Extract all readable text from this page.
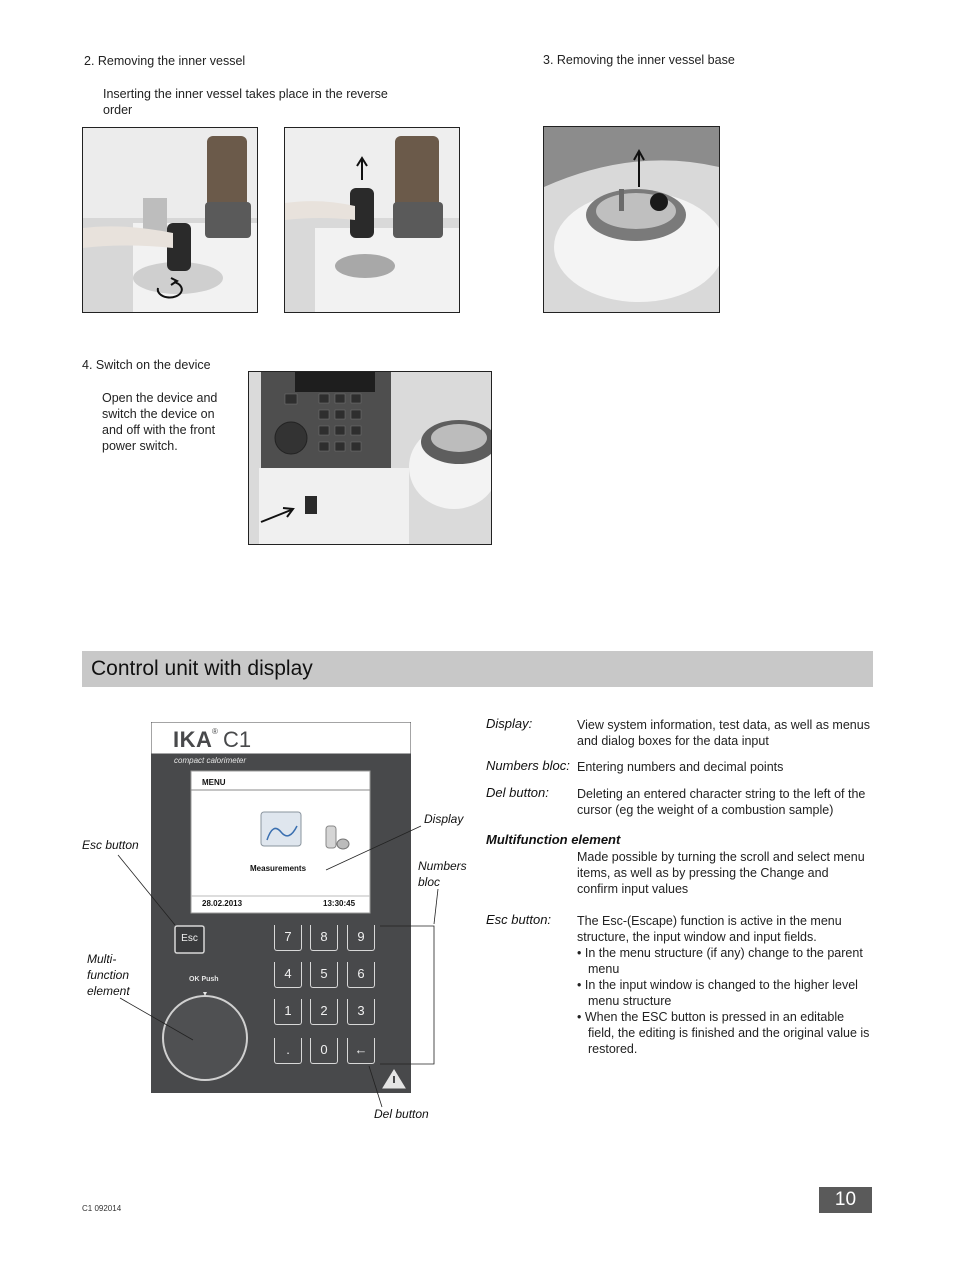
2. Removing the inner vessel
Inserting the inner vessel takes place in the reverse order
3. Removing the inner vessel base
4. Switch on the device
Open the device and switch the device on and off with the front power switch.
Control unit with display
IKA ® C1
compact calorimeter
MENU
Measurements
28.02.2013	13:30:45
Esc
OK Push
7	8	9
4	5	6
1	2	3
.	0	←
Display
Numbers bloc
Esc button
Multi-function element
Del button
Display:	View system information, test data, as well as menus and dialog boxes for the data input
Numbers bloc: Entering numbers and decimal points
Del button: Deleting an entered character string to the left of the cursor (eg the weight of a combustion sample)
Multifunction element
Made possible by turning the scroll and select menu items, as well as by pressing the Change and confirm input values
Esc button: The Esc-(Escape) function is active in the menu structure, the input window and input fields.
• In the menu structure (if any) change to the parent menu
• In the input window is changed to the higher level menu structure
• When the ESC button is pressed in an editable field, the editing is finished and the original value is restored.
10
C1 092014
